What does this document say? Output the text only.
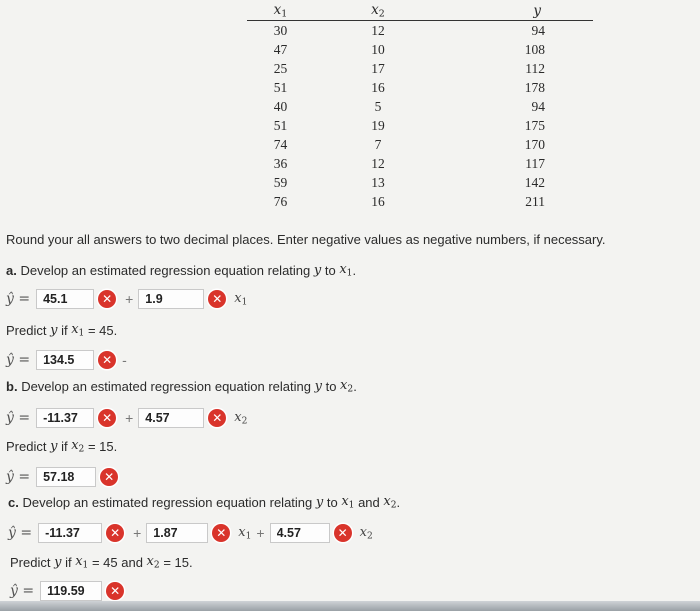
$x_1$	$x_2$	y
30	12	94
47	10	108
25	17	112
51	16	178
40	5	94
51	19	175
74	7	170
36	12	117
59	13	142
76	16	211
Round your all answers to two decimal places. Enter negative values as negative numbers, if necessary.
a.
Develop an estimated regression equation relating
y to $x_1$ .
ŷ =
45.1	✕ +
1.9	✕ $x_1$
Predict
y if $x_1$
= 45.
ŷ =
134.5	✕ -
b.
Develop an estimated regression equation relating
y to $x_2$ .
ŷ =
-11.37	✕ +
4.57	✕ $x_2$
Predict
y if $x_2$
= 15.
ŷ =
57.18	✕
c.
Develop an estimated regression equation relating
y to $x_1$ and $x_2$ .
ŷ =
-11.37	✕ +
1.87	✕ $x_1$ +
4.57	✕ $x_2$
Predict
y if $x_1$
= 45 and
$x_2$
= 15.
ŷ =
119.59	✕
